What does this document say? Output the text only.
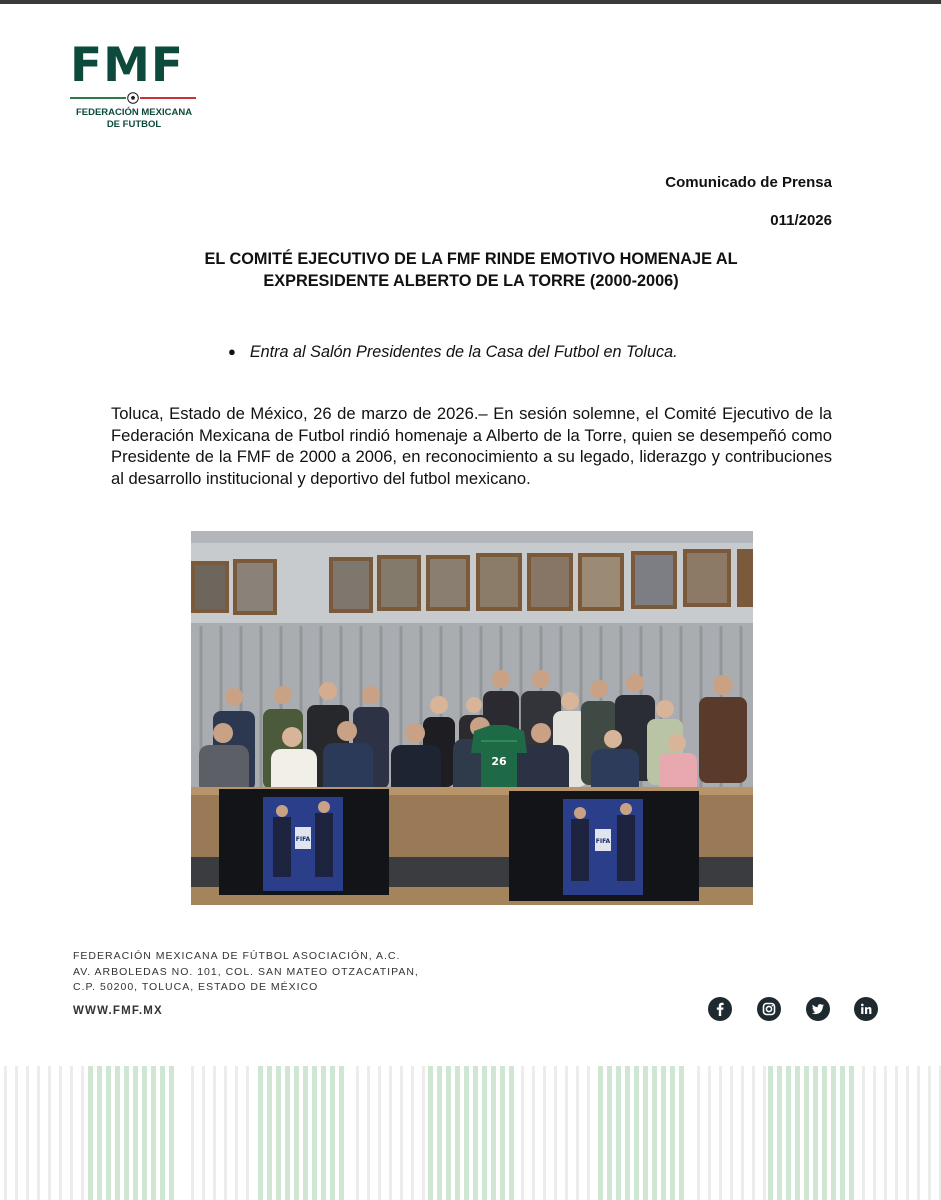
FMF
FEDERACIÓN MEXICANA
DE FUTBOL
Comunicado de Prensa
011/2026
EL COMITÉ EJECUTIVO DE LA FMF RINDE EMOTIVO HOMENAJE AL
EXPRESIDENTE ALBERTO DE LA TORRE (2000-2006)
● Entra al Salón Presidentes de la Casa del Futbol en Toluca.
Toluca, Estado de México, 26 de marzo de 2026.– En sesión solemne, el Comité Ejecutivo de la Federación Mexicana de Futbol rindió homenaje a Alberto de la Torre, quien se desempeñó como Presidente de la FMF de 2000 a 2006, en reconocimiento a su legado, liderazgo y contribuciones al desarrollo institucional y deportivo del futbol mexicano.
26
FIFA	FIFA
FEDERACIÓN MEXICANA DE FÚTBOL ASOCIACIÓN, A.C.
AV. ARBOLEDAS NO. 101, COL. SAN MATEO OTZACATIPAN,
C.P. 50200, TOLUCA, ESTADO DE MÉXICO
WWW.FMF.MX
